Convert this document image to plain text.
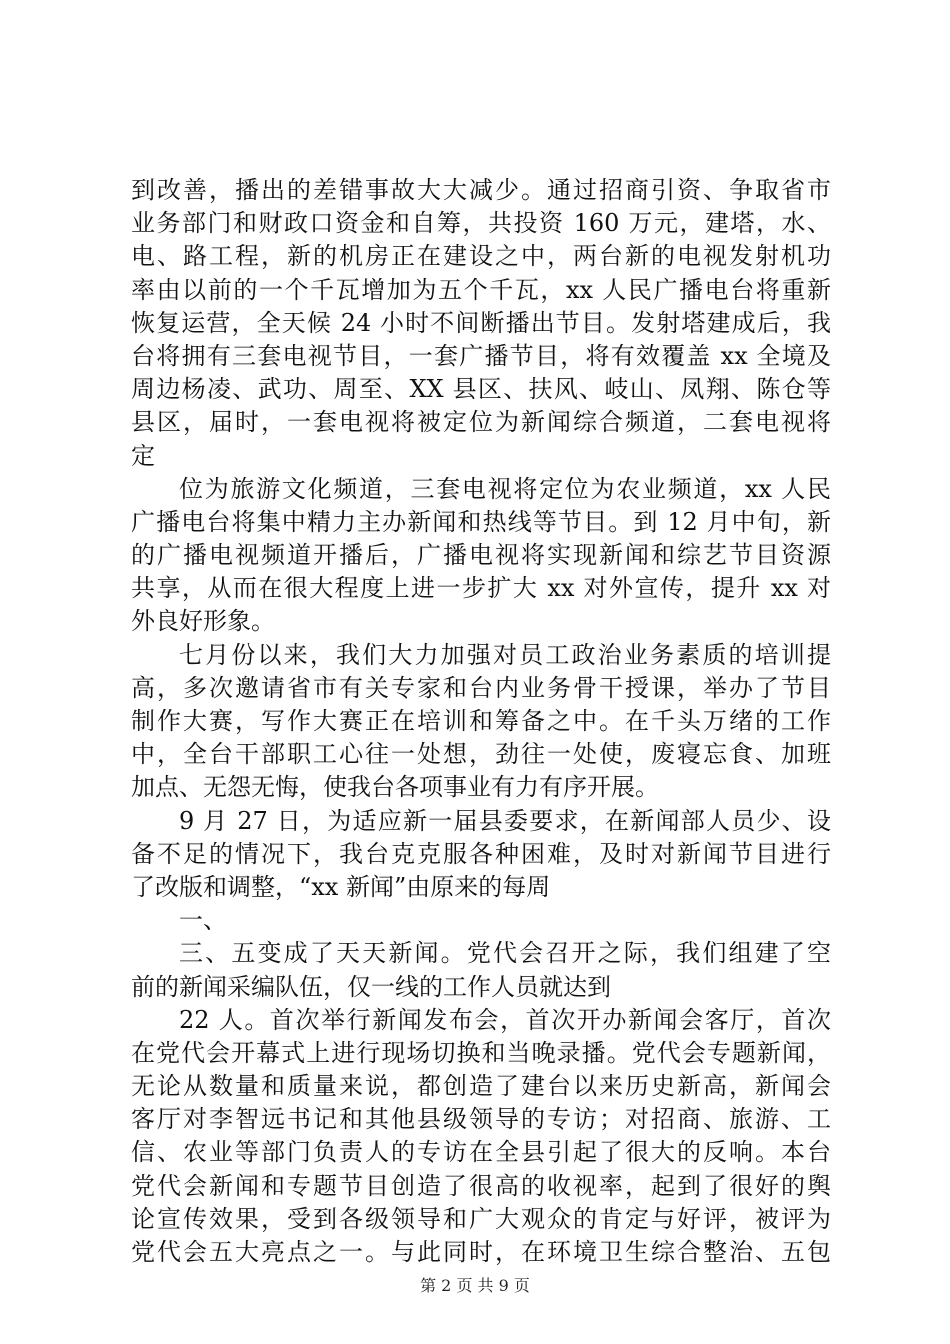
到改善，播出的差错事故大大减少。通过招商引资、争取省市
业务部门和财政口资金和自筹，共投资 160 万元，建塔，水、
电、路工程，新的机房正在建设之中，两台新的电视发射机功
率由以前的一个千瓦增加为五个千瓦，xx 人民广播电台将重新
恢复运营，全天候 24 小时不间断播出节目。发射塔建成后，我
台将拥有三套电视节目，一套广播节目，将有效覆盖 xx 全境及
周边杨凌、武功、周至、XX 县区、扶风、岐山、凤翔、陈仓等
县区，届时，一套电视将被定位为新闻综合频道，二套电视将
定
位为旅游文化频道，三套电视将定位为农业频道，xx 人民
广播电台将集中精力主办新闻和热线等节目。到 12 月中旬，新
的广播电视频道开播后，广播电视将实现新闻和综艺节目资源
共享，从而在很大程度上进一步扩大 xx 对外宣传，提升 xx 对
外良好形象。
七月份以来，我们大力加强对员工政治业务素质的培训提
高，多次邀请省市有关专家和台内业务骨干授课，举办了节目
制作大赛，写作大赛正在培训和筹备之中。在千头万绪的工作
中，全台干部职工心往一处想，劲往一处使，废寝忘食、加班
加点、无怨无悔，使我台各项事业有力有序开展。
9 月 27 日，为适应新一届县委要求，在新闻部人员少、设
备不足的情况下，我台克克服各种困难，及时对新闻节目进行
了改版和调整，“xx 新闻”由原来的每周
一、
三、五变成了天天新闻。党代会召开之际，我们组建了空
前的新闻采编队伍，仅一线的工作人员就达到
22 人。首次举行新闻发布会，首次开办新闻会客厅，首次
在党代会开幕式上进行现场切换和当晚录播。党代会专题新闻，
无论从数量和质量来说，都创造了建台以来历史新高，新闻会
客厅对李智远书记和其他县级领导的专访；对招商、旅游、工
信、农业等部门负责人的专访在全县引起了很大的反响。本台
党代会新闻和专题节目创造了很高的收视率，起到了很好的舆
论宣传效果，受到各级领导和广大观众的肯定与好评，被评为
党代会五大亮点之一。与此同时，在环境卫生综合整治、五包
第 2 页 共 9 页
